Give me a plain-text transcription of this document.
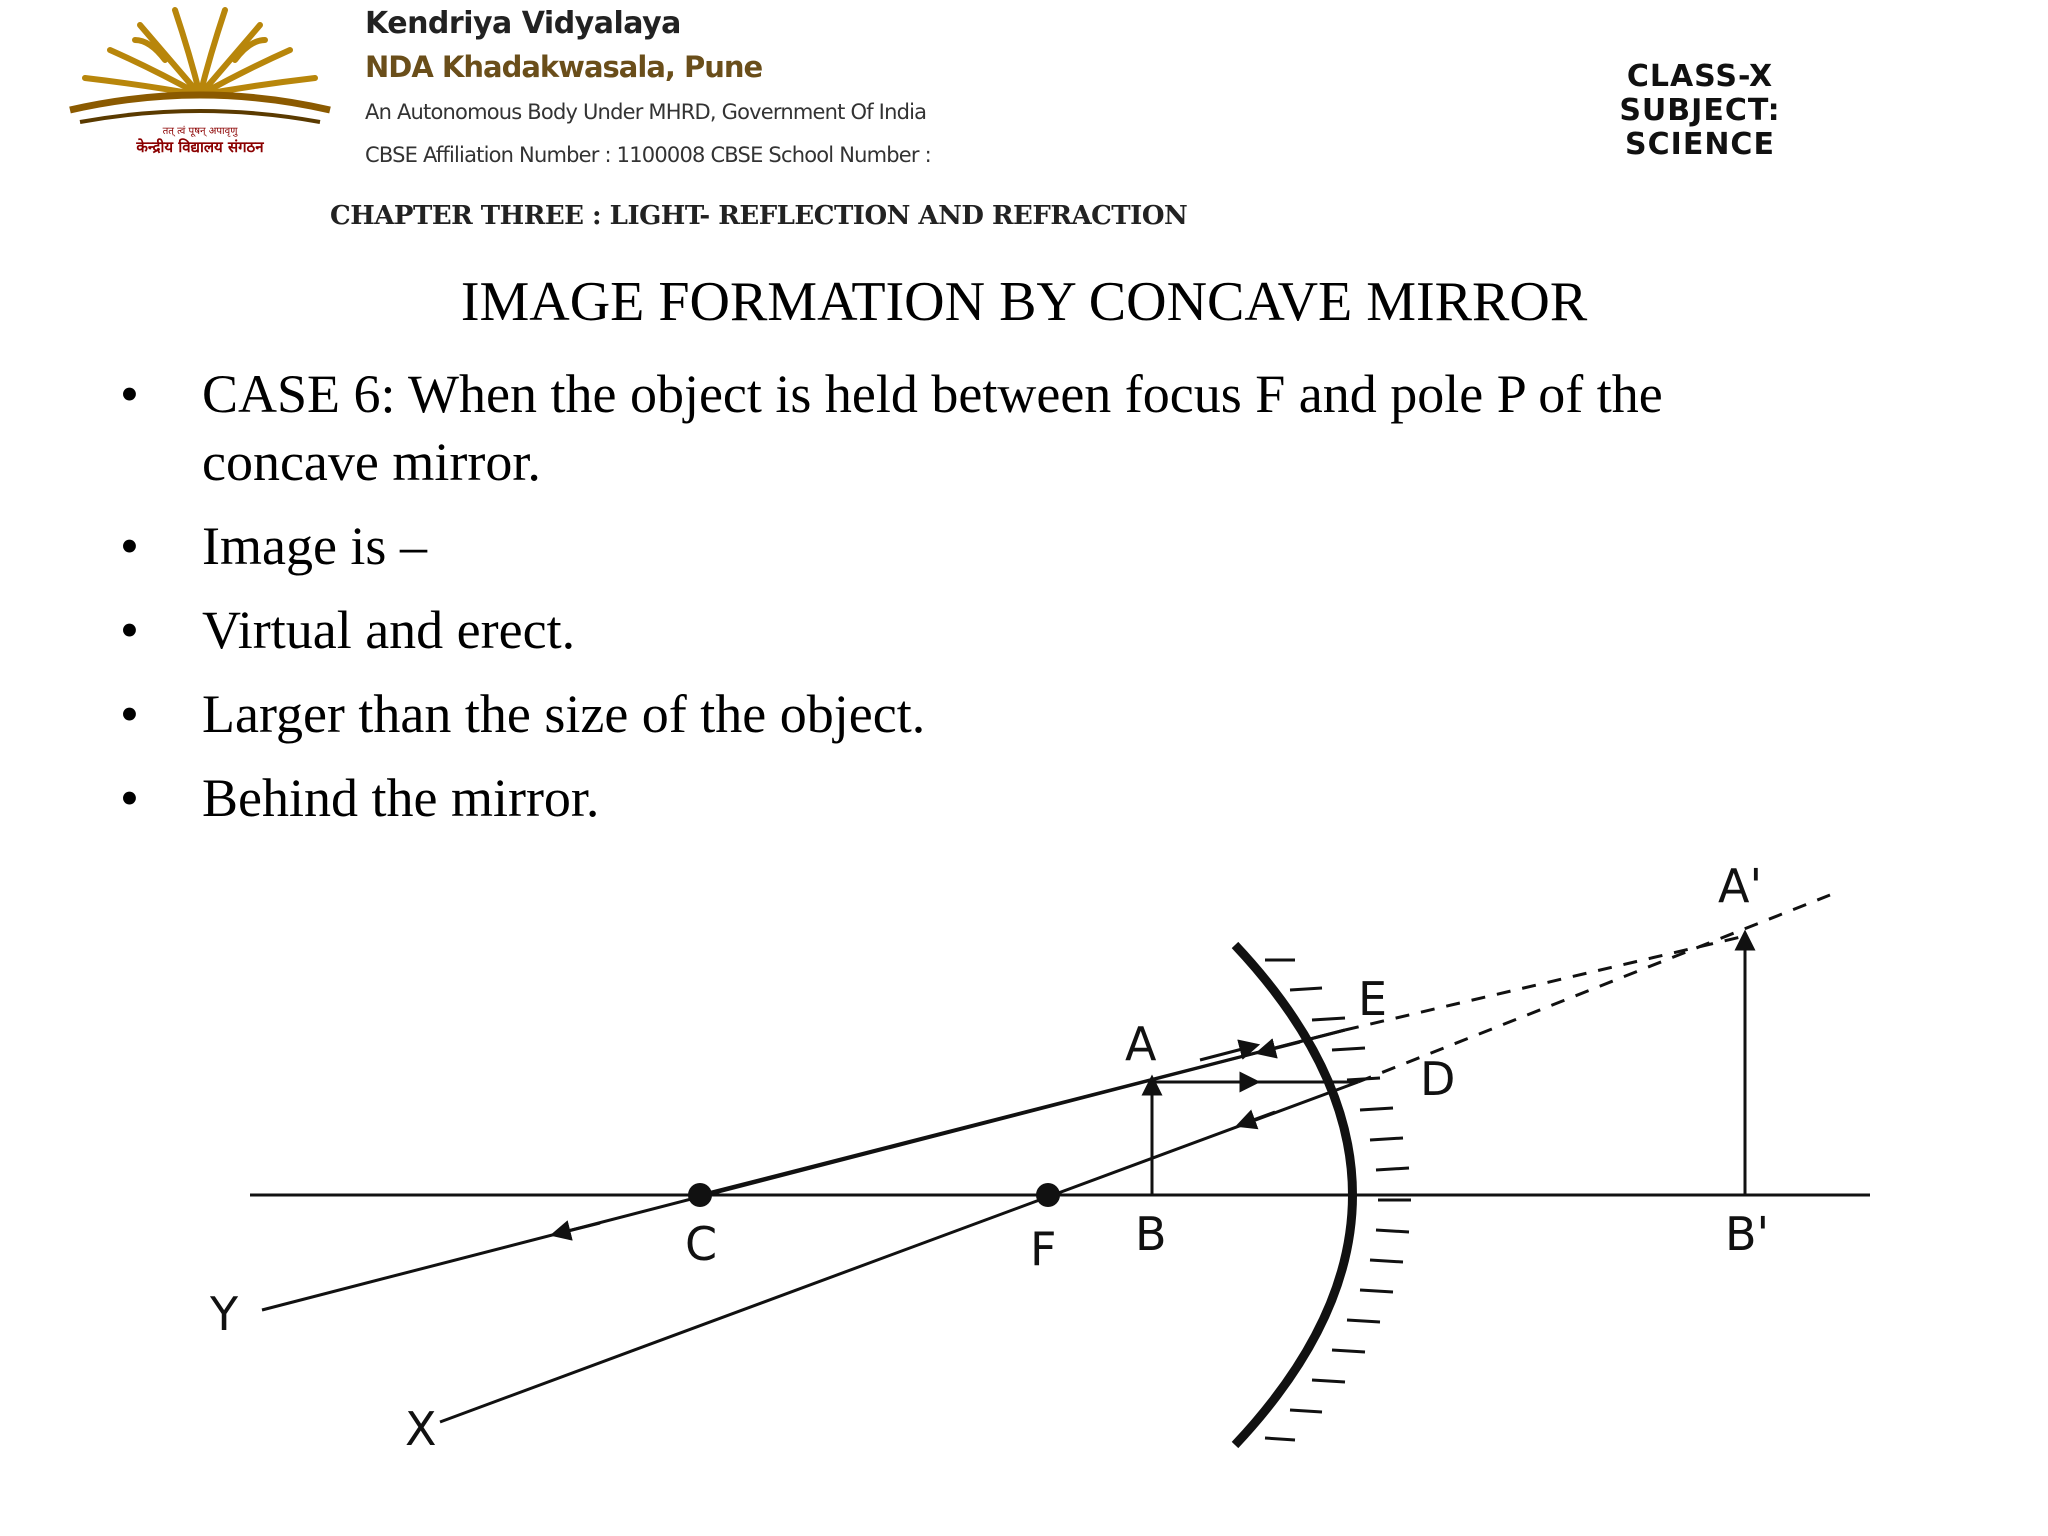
तत् त्वं पूषन् अपावृणु
केन्द्रीय विद्यालय संगठन
Kendriya Vidyalaya
NDA Khadakwasala, Pune
An Autonomous Body Under MHRD, Government Of India
CBSE Affiliation Number : 1100008 CBSE School Number :
CLASS-X
SUBJECT:
SCIENCE
CHAPTER THREE : LIGHT- REFLECTION AND REFRACTION
IMAGE FORMATION BY CONCAVE MIRROR
•	CASE 6: When the object is held between focus F and pole P of the concave mirror.
•	Image is –
•	Virtual and erect.
•	Larger than the size of the object.
•	Behind the mirror.
A
B
C	F
E
D
A'
B'
X
Y
